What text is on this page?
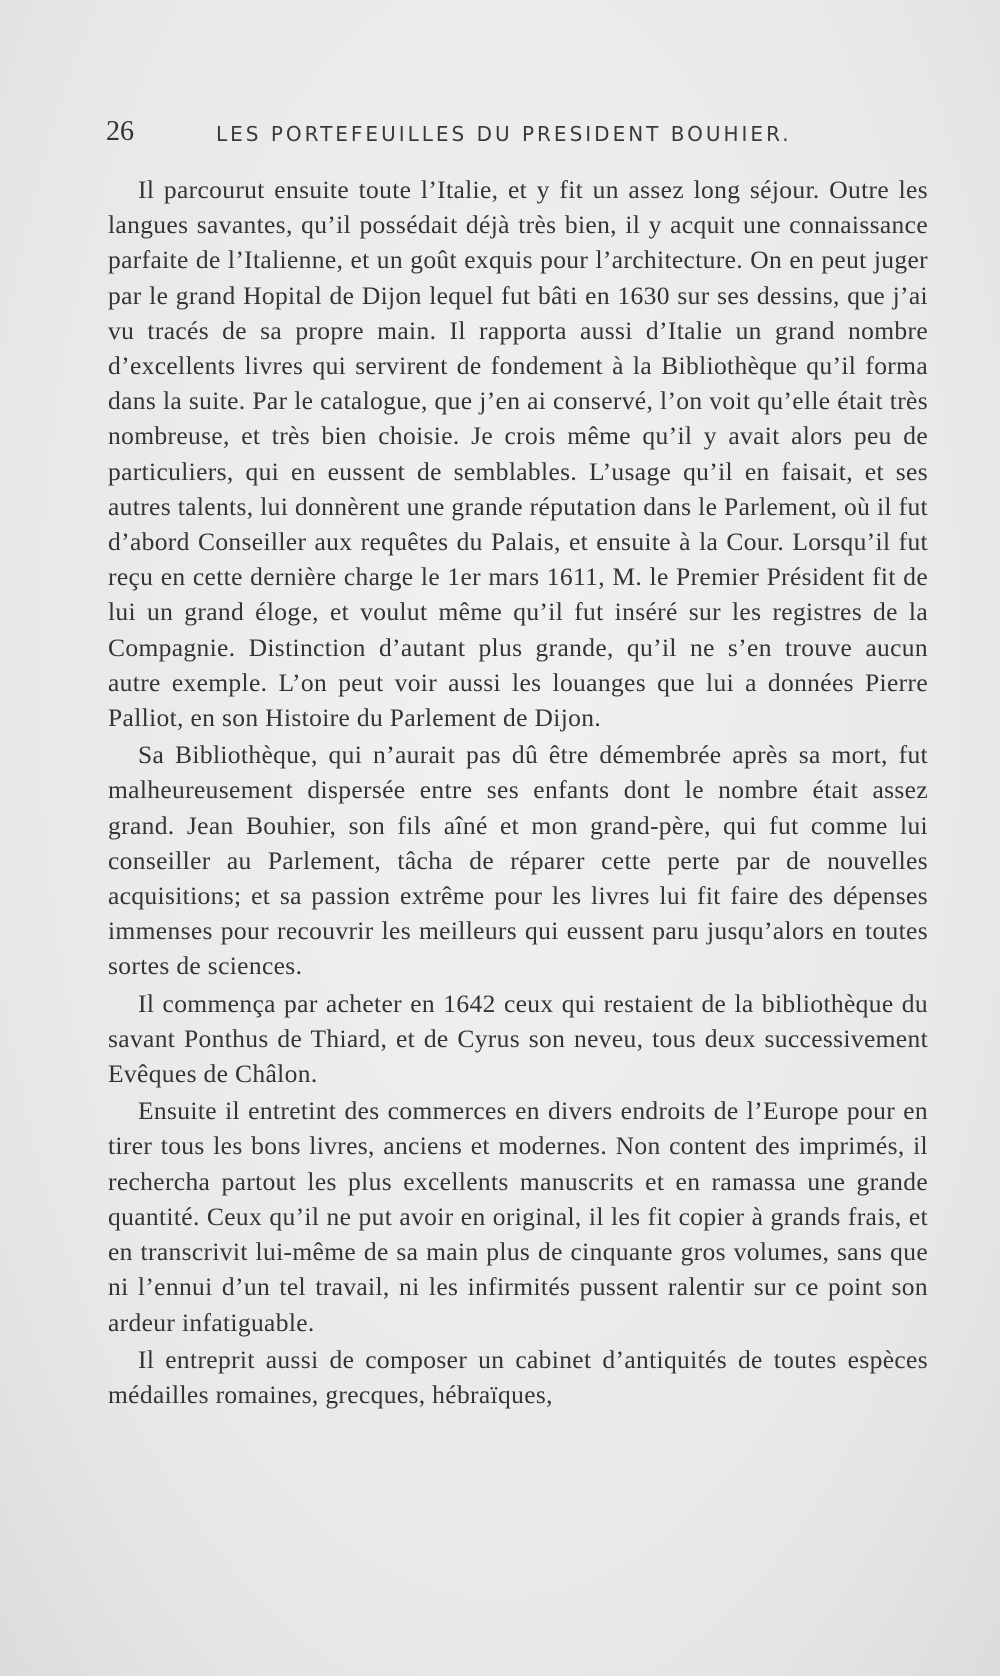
26	LES PORTEFEUILLES DU PRESIDENT BOUHIER.

Il parcourut ensuite toute l’Italie, et y fit un assez long séjour. Outre les langues savantes, qu’il possédait déjà très bien, il y acquit une connaissance parfaite de l’Italienne, et un goût exquis pour l’architecture. On en peut juger par le grand Hopital de Dijon lequel fut bâti en 1630 sur ses dessins, que j’ai vu tracés de sa propre main. Il rapporta aussi d’Italie un grand nombre d’excellents livres qui servirent de fondement à la Bibliothèque qu’il forma dans la suite. Par le catalogue, que j’en ai conservé, l’on voit qu’elle était très nombreuse, et très bien choisie. Je crois même qu’il y avait alors peu de particuliers, qui en eussent de semblables. L’usage qu’il en faisait, et ses autres talents, lui donnèrent une grande réputation dans le Parlement, où il fut d’abord Conseiller aux requêtes du Palais, et ensuite à la Cour. Lorsqu’il fut reçu en cette dernière charge le 1er mars 1611, M. le Premier Président fit de lui un grand éloge, et voulut même qu’il fut inséré sur les registres de la Compagnie. Distinction d’autant plus grande, qu’il ne s’en trouve aucun autre exemple. L’on peut voir aussi les louanges que lui a données Pierre Palliot, en son Histoire du Parlement de Dijon.

Sa Bibliothèque, qui n’aurait pas dû être démembrée après sa mort, fut malheureusement dispersée entre ses enfants dont le nombre était assez grand. Jean Bouhier, son fils aîné et mon grand-père, qui fut comme lui conseiller au Parlement, tâcha de réparer cette perte par de nouvelles acquisitions; et sa passion extrême pour les livres lui fit faire des dépenses immenses pour recouvrir les meilleurs qui eussent paru jusqu’alors en toutes sortes de sciences.

Il commença par acheter en 1642 ceux qui restaient de la bibliothèque du savant Ponthus de Thiard, et de Cyrus son neveu, tous deux successivement Evêques de Châlon.

Ensuite il entretint des commerces en divers endroits de l’Europe pour en tirer tous les bons livres, anciens et modernes. Non content des imprimés, il rechercha partout les plus excellents manuscrits et en ramassa une grande quantité. Ceux qu’il ne put avoir en original, il les fit copier à grands frais, et en transcrivit lui-même de sa main plus de cinquante gros volumes, sans que ni l’ennui d’un tel travail, ni les infirmités pussent ralentir sur ce point son ardeur infatiguable.

Il entreprit aussi de composer un cabinet d’antiquités de toutes espèces médailles romaines, grecques, hébraïques,
